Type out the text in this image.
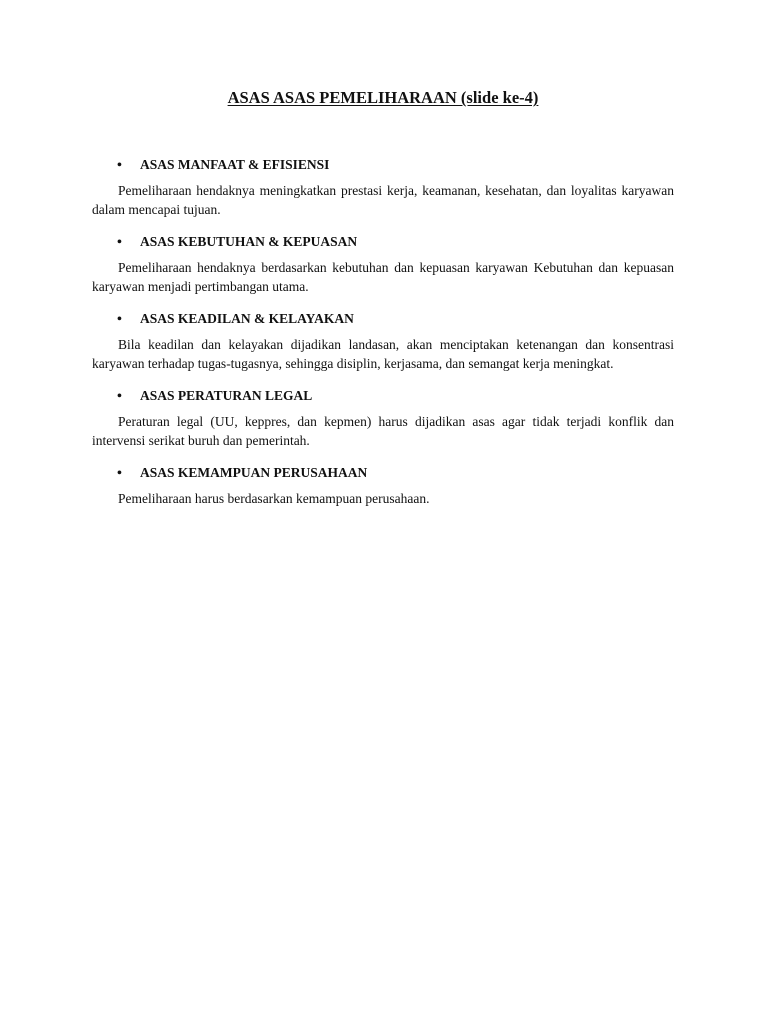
ASAS ASAS PEMELIHARAAN (slide ke-4)
•	ASAS MANFAAT & EFISIENSI

Pemeliharaan hendaknya meningkatkan prestasi kerja, keamanan, kesehatan, dan loyalitas karyawan dalam mencapai tujuan.

•	ASAS KEBUTUHAN & KEPUASAN

Pemeliharaan hendaknya berdasarkan kebutuhan dan kepuasan karyawan Kebutuhan dan kepuasan karyawan menjadi pertimbangan utama.

•	ASAS KEADILAN & KELAYAKAN

Bila keadilan dan kelayakan dijadikan landasan, akan menciptakan ketenangan dan konsentrasi karyawan terhadap tugas-tugasnya, sehingga disiplin, kerjasama, dan semangat kerja meningkat.

•	ASAS PERATURAN LEGAL

Peraturan legal (UU, keppres, dan kepmen) harus dijadikan asas agar tidak terjadi konflik dan intervensi serikat buruh dan pemerintah.

•	ASAS KEMAMPUAN PERUSAHAAN

Pemeliharaan harus berdasarkan kemampuan perusahaan.
